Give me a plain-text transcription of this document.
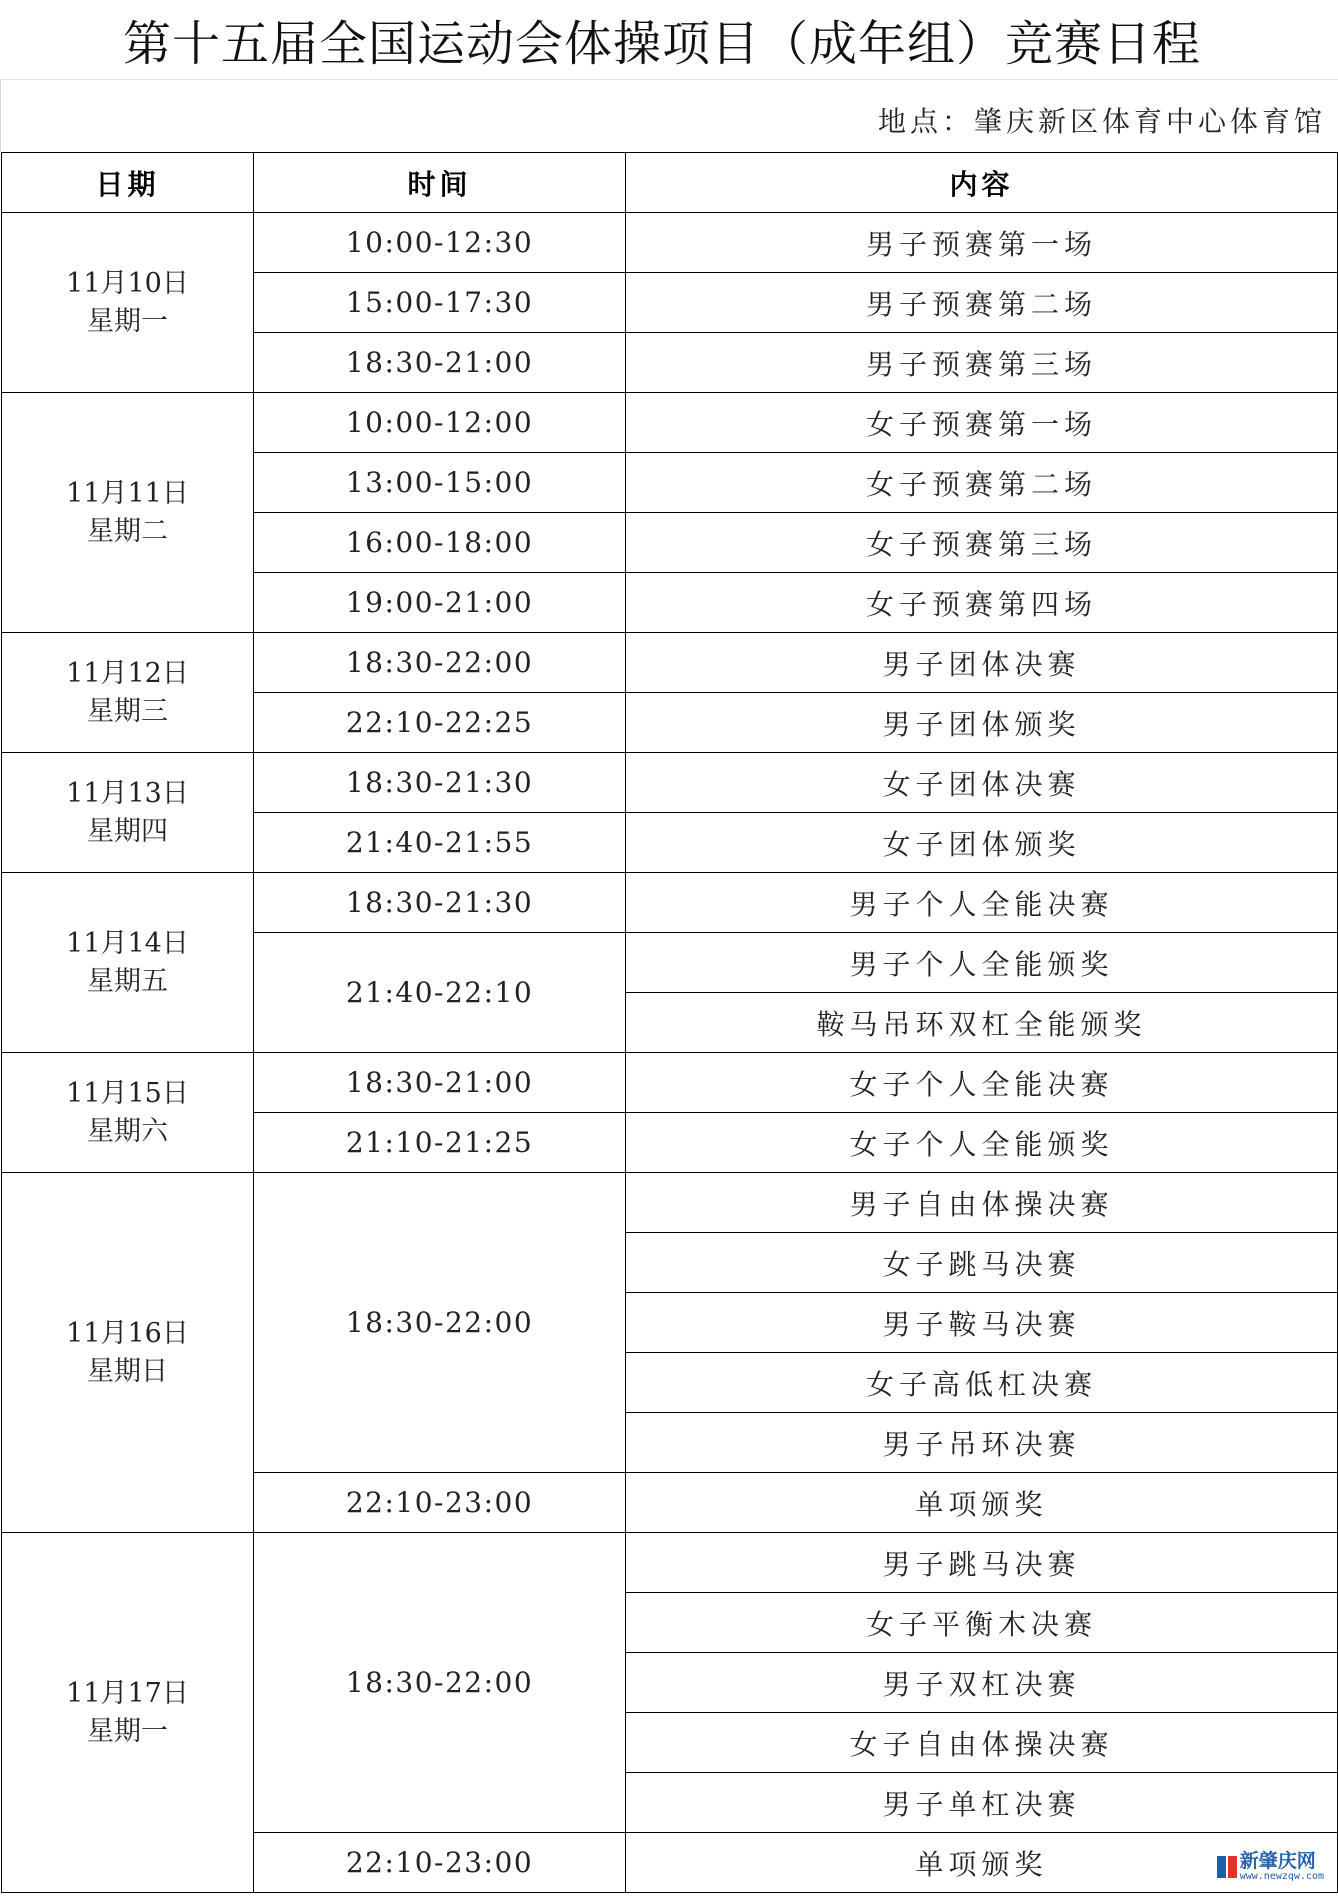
第十五届全国运动会体操项目（成年组）竞赛日程
地点：肇庆新区体育中心体育馆
日期	时间	内容

11月10日
星期一	10:00-12:30	男子预赛第一场
	15:00-17:30	男子预赛第二场
	18:30-21:00	男子预赛第三场

11月11日
星期二	10:00-12:00	女子预赛第一场
	13:00-15:00	女子预赛第二场
	16:00-18:00	女子预赛第三场
	19:00-21:00	女子预赛第四场

11月12日
星期三	18:30-22:00	男子团体决赛
	22:10-22:25	男子团体颁奖

11月13日
星期四	18:30-21:30	女子团体决赛
	21:40-21:55	女子团体颁奖

11月14日
星期五	18:30-21:30	男子个人全能决赛
	21:40-22:10	男子个人全能颁奖
		鞍马吊环双杠全能颁奖

11月15日
星期六	18:30-21:00	女子个人全能决赛
	21:10-21:25	女子个人全能颁奖

11月16日
星期日	18:30-22:00	男子自由体操决赛
		女子跳马决赛
		男子鞍马决赛
		女子高低杠决赛
		男子吊环决赛
	22:10-23:00	单项颁奖

11月17日
星期一	18:30-22:00	男子跳马决赛
		女子平衡木决赛
		男子双杠决赛
		女子自由体操决赛
		男子单杠决赛
	22:10-23:00	单项颁奖	新肇庆网
www.newzqw.com
